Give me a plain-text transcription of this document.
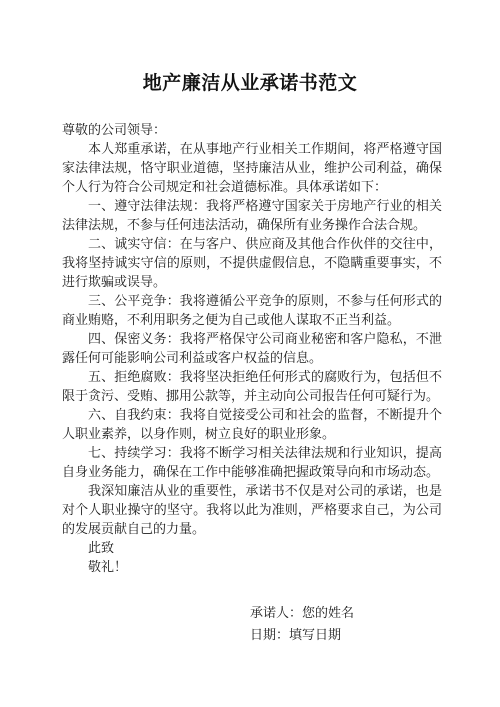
地产廉洁从业承诺书范文

尊敬的公司领导：

本人郑重承诺，在从事地产行业相关工作期间，将严格遵守国家法律法规，恪守职业道德，坚持廉洁从业，维护公司利益，确保个人行为符合公司规定和社会道德标准。具体承诺如下：

一、遵守法律法规：我将严格遵守国家关于房地产行业的相关法律法规，不参与任何违法活动，确保所有业务操作合法合规。

二、诚实守信：在与客户、供应商及其他合作伙伴的交往中，我将坚持诚实守信的原则，不提供虚假信息，不隐瞒重要事实，不进行欺骗或误导。

三、公平竞争：我将遵循公平竞争的原则，不参与任何形式的商业贿赂，不利用职务之便为自己或他人谋取不正当利益。

四、保密义务：我将严格保守公司商业秘密和客户隐私，不泄露任何可能影响公司利益或客户权益的信息。

五、拒绝腐败：我将坚决拒绝任何形式的腐败行为，包括但不限于贪污、受贿、挪用公款等，并主动向公司报告任何可疑行为。

六、自我约束：我将自觉接受公司和社会的监督，不断提升个人职业素养，以身作则，树立良好的职业形象。

七、持续学习：我将不断学习相关法律法规和行业知识，提高自身业务能力，确保在工作中能够准确把握政策导向和市场动态。

我深知廉洁从业的重要性，承诺书不仅是对公司的承诺，也是对个人职业操守的坚守。我将以此为准则，严格要求自己，为公司的发展贡献自己的力量。

此致

敬礼！

承诺人：您的姓名
日期：填写日期
